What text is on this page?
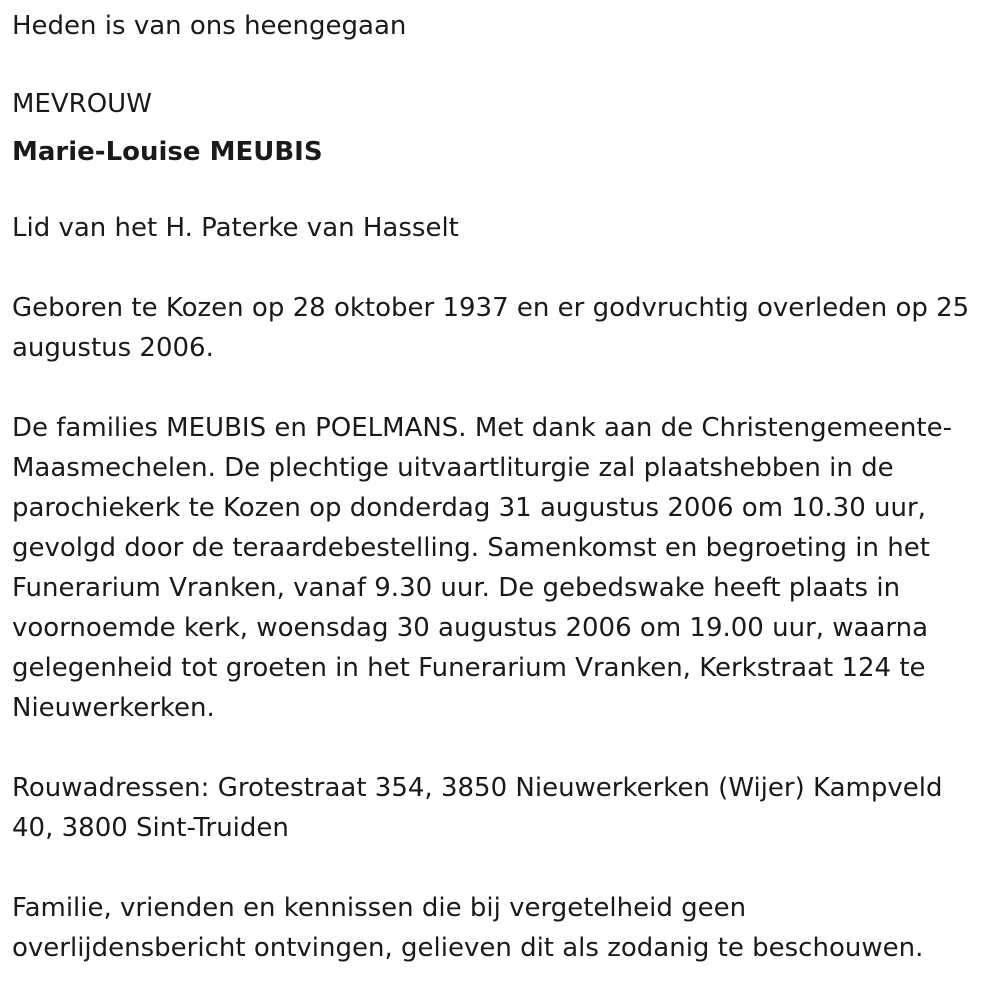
Heden is van ons heengegaan

MEVROUW

Marie-Louise MEUBIS

Lid van het H. Paterke van Hasselt

Geboren te Kozen op 28 oktober 1937 en er godvruchtig overleden op 25 augustus 2006.

De families MEUBIS en POELMANS. Met dank aan de Christengemeente-

Maasmechelen. De plechtige uitvaartliturgie zal plaatshebben in de

parochiekerk te Kozen op donderdag 31 augustus 2006 om 10.30 uur,

gevolgd door de teraardebestelling. Samenkomst en begroeting in het

Funerarium Vranken, vanaf 9.30 uur. De gebedswake heeft plaats in

voornoemde kerk, woensdag 30 augustus 2006 om 19.00 uur, waarna

gelegenheid tot groeten in het Funerarium Vranken, Kerkstraat 124 te

Nieuwerkerken.

Rouwadressen: Grotestraat 354, 3850 Nieuwerkerken (Wijer) Kampveld

40, 3800 Sint-Truiden

Familie, vrienden en kennissen die bij vergetelheid geen

overlijdensbericht ontvingen, gelieven dit als zodanig te beschouwen.
